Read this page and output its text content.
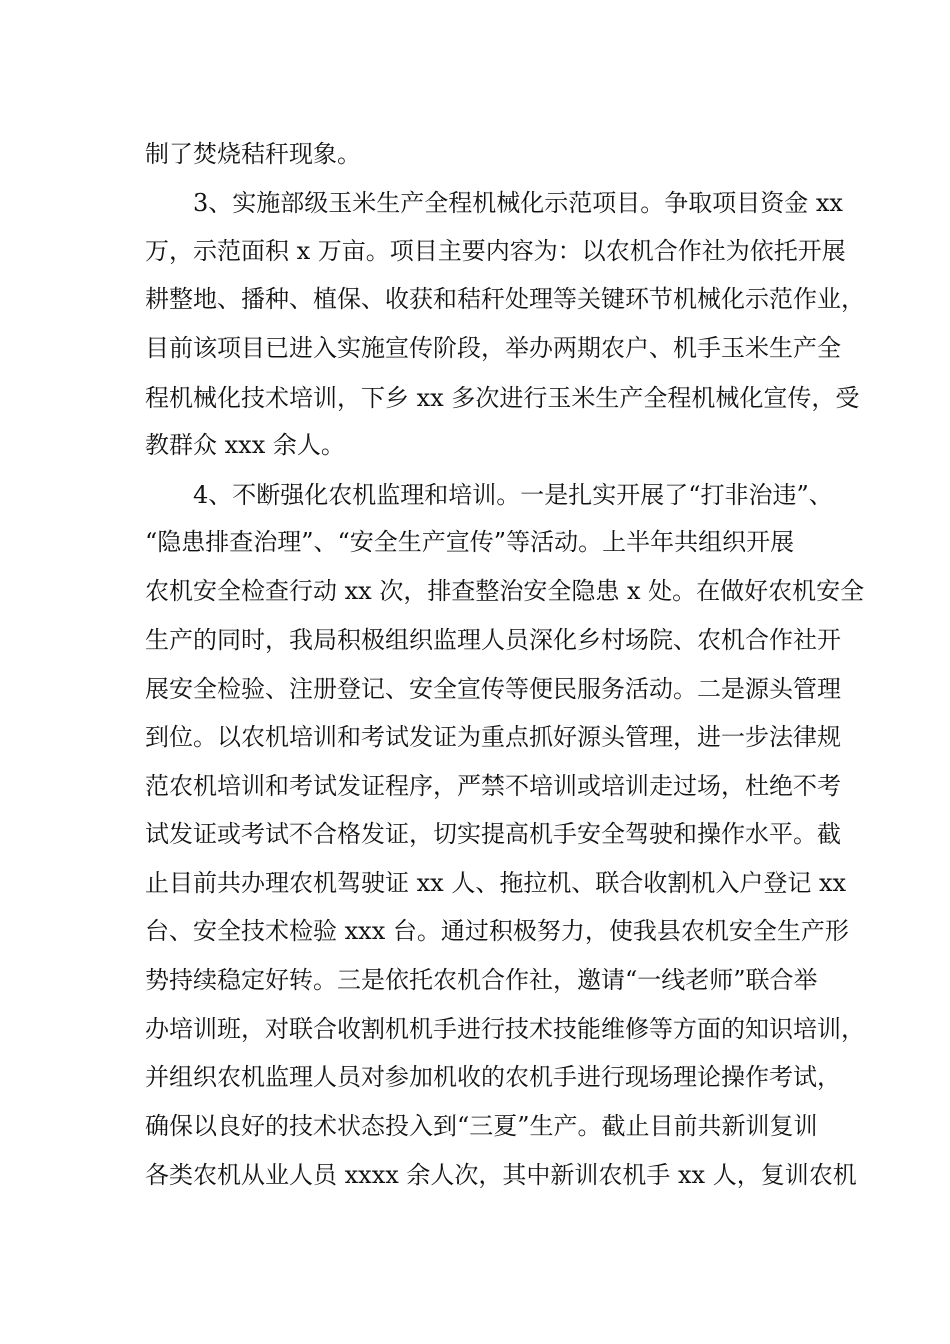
制了焚烧秸秆现象。
3、实施部级玉米生产全程机械化示范项目。争取项目资金 xx
万，示范面积 x 万亩。项目主要内容为：以农机合作社为依托开展
耕整地、播种、植保、收获和秸秆处理等关键环节机械化示范作业，
目前该项目已进入实施宣传阶段，举办两期农户、机手玉米生产全
程机械化技术培训，下乡 xx 多次进行玉米生产全程机械化宣传，受
教群众 xxx 余人。
4、不断强化农机监理和培训。一是扎实开展了“打非治违”、
“隐患排查治理”、“安全生产宣传”等活动。上半年共组织开展
农机安全检查行动 xx 次，排查整治安全隐患 x 处。在做好农机安全
生产的同时，我局积极组织监理人员深化乡村场院、农机合作社开
展安全检验、注册登记、安全宣传等便民服务活动。二是源头管理
到位。以农机培训和考试发证为重点抓好源头管理，进一步法律规
范农机培训和考试发证程序，严禁不培训或培训走过场，杜绝不考
试发证或考试不合格发证，切实提高机手安全驾驶和操作水平。截
止目前共办理农机驾驶证 xx 人、拖拉机、联合收割机入户登记 xx
台、安全技术检验 xxx 台。通过积极努力，使我县农机安全生产形
势持续稳定好转。三是依托农机合作社，邀请“一线老师”联合举
办培训班，对联合收割机机手进行技术技能维修等方面的知识培训，
并组织农机监理人员对参加机收的农机手进行现场理论操作考试，
确保以良好的技术状态投入到“三夏”生产。截止目前共新训复训
各类农机从业人员 xxxx 余人次，其中新训农机手 xx 人，复训农机
